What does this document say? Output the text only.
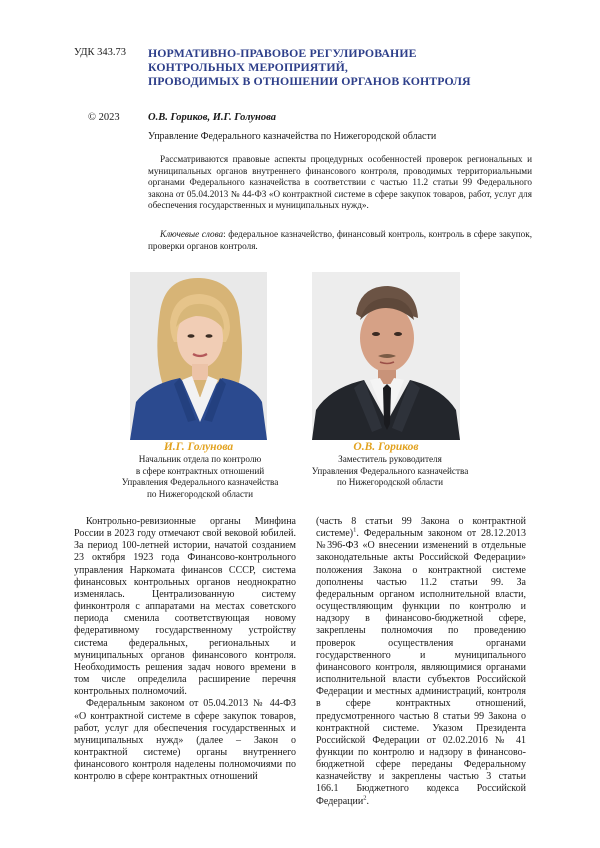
УДК 343.73 НОРМАТИВНО-ПРАВОВОЕ РЕГУЛИРОВАНИЕ
КОНТРОЛЬНЫХ МЕРОПРИЯТИЙ,
ПРОВОДИМЫХ В ОТНОШЕНИИ ОРГАНОВ КОНТРОЛЯ
© 2023	О.В. Гориков, И.Г. Голунова
Управление Федерального казначейства по Нижегородской области

Рассматриваются правовые аспекты процедурных особенностей проверок региональных и муниципальных органов внутреннего финансового контроля, проводимых территориальными органами Федерального казначейства в соответствии с частью 11.2 статьи 99 Федерального закона от 05.04.2013 № 44-ФЗ «О контрактной системе в сфере закупок товаров, работ, услуг для обеспечения государственных и муниципальных нужд».

Ключевые слова: федеральное казначейство, финансовый контроль, контроль в сфере закупок, проверки органов контроля.
И.Г. Голунова	О.В. Гориков
Начальник отдела по контролю
в сфере контрактных отношений
Управления Федерального казначейства
по Нижегородской области
Заместитель руководителя
Управления Федерального казначейства
по Нижегородской области

Контрольно-ревизионные органы Минфина России в 2023 году отмечают свой вековой юбилей. За период 100-летней истории, начатой созданием 23 октября 1923 года Финансово-контрольного управления Наркомата финансов СССР, система финансовых контрольных органов неоднократно изменялась. Централизованную систему финконтроля с аппаратами на местах советского периода сменила соответствующая новому федеративному государственному устройству система федеральных, региональных и муниципальных органов финансового контроля. Необходимость решения задач нового времени в том числе определила расширение перечня контрольных полномочий.

Федеральным законом от 05.04.2013 № 44-ФЗ «О контрактной системе в сфере закупок товаров, работ, услуг для обеспечения государственных и муниципальных нужд» (далее – Закон о контрактной системе) органы внутреннего финансового контроля наделены полномочиями по контролю в сфере контрактных отношений

(часть 8 статьи 99 Закона о контрактной системе)$^1$. Федеральным законом от 28.12.2013 №396-ФЗ «О внесении изменений в отдельные законодательные акты Российской Федерации» положения Закона о контрактной системе дополнены частью 11.2 статьи 99. За федеральным органом исполнительной власти, осуществляющим функции по контролю и надзору в финансово-бюджетной сфере, закреплены полномочия по проведению проверок осуществления органами государственного и муниципального финансового контроля, являющимися органами исполнительной власти субъектов Российской Федерации и местных администраций, контроля в сфере контрактных отношений, предусмотренного частью 8 статьи 99 Закона о контрактной системе. Указом Президента Российской Федерации от 02.02.2016 № 41 функции по контролю и надзору в финансово-бюджетной сфере переданы Федеральному казначейству и закреплены частью 3 статьи 166.1 Бюджетного кодекса Российской Федерации$^2$.
